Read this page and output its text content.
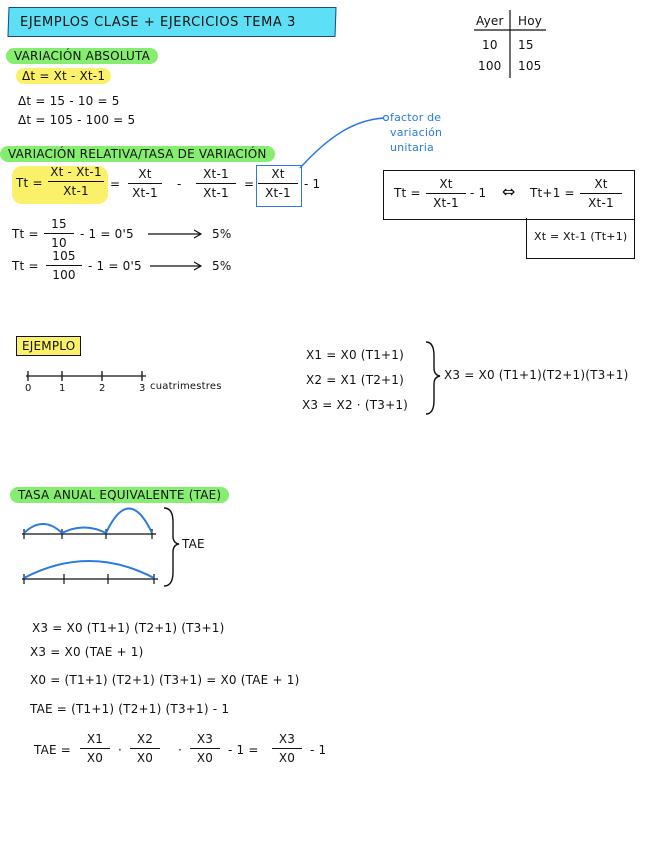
EJEMPLOS CLASE + EJERCICIOS TEMA 3	Ayer Hoy
10 15
100 105
VARIACIÓN ABSOLUTA
Δt = Xt - Xt-1
Δt = 15 - 10 = 5
Δt = 105 - 100 = 5
VARIACIÓN RELATIVA/TASA DE VARIACIÓN
$Tt = \frac{Xt - Xt-1}{Xt-1} = \frac{Xt}{Xt-1} - \frac{Xt-1}{Xt-1} = \frac{Xt}{Xt-1} - 1$
factor de
variación
unitaria
$Tt = \frac{15}{10} - 1 = 0'5$	5%
$Tt = \frac{105}{100} - 1 = 0'5$	5%
$Tt = \frac{Xt}{Xt-1} - 1$ ⇔ $Tt+1 = \frac{Xt}{Xt-1}$
Xt = Xt-1 (Tt+1)
EJEMPLO
0	1	2	3 cuatrimestres
X1 = X0 (T1+1)
X2 = X1 (T2+1)
X3 = X2 · (T3+1)
X3 = X0 (T1+1)(T2+1)(T3+1)
TASA ANUAL EQUIVALENTE (TAE)
TAE
X3 = X0 (T1+1) (T2+1) (T3+1)
X3 = X0 (TAE + 1)
X0 = (T1+1) (T2+1) (T3+1) = X0 (TAE + 1)
TAE = (T1+1) (T2+1) (T3+1) - 1
TAE = $\frac{X1}{X0} \cdot \frac{X2}{X0} \cdot \frac{X3}{X0} - 1 = \frac{X3}{X0} - 1$
